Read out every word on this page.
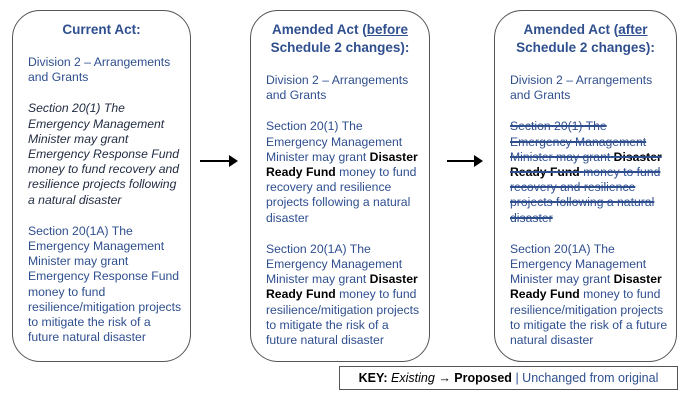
Current Act:

Division 2 – Arrangements and Grants

Section 20(1) The Emergency Management Minister may grant Emergency Response Fund money to fund recovery and resilience projects following a natural disaster

Section 20(1A) The Emergency Management Minister may grant Emergency Response Fund money to fund resilience/mitigation projects to mitigate the risk of a future natural disaster

Amended Act (before
Schedule 2 changes):

Division 2 – Arrangements and Grants

Section 20(1) The Emergency Management Minister may grant Disaster Ready Fund money to fund recovery and resilience projects following a natural disaster

Section 20(1A) The Emergency Management Minister may grant Disaster Ready Fund money to fund resilience/mitigation projects to mitigate the risk of a future natural disaster

Amended Act (after
Schedule 2 changes):

Division 2 – Arrangements and Grants

Section 20(1) The Emergency Management Minister may grant Disaster Ready Fund money to fund recovery and resilience projects following a natural disaster

Section 20(1A) The Emergency Management Minister may grant Disaster Ready Fund money to fund resilience/mitigation projects to mitigate the risk of a future natural disaster

KEY: Existing → Proposed | Unchanged from original
